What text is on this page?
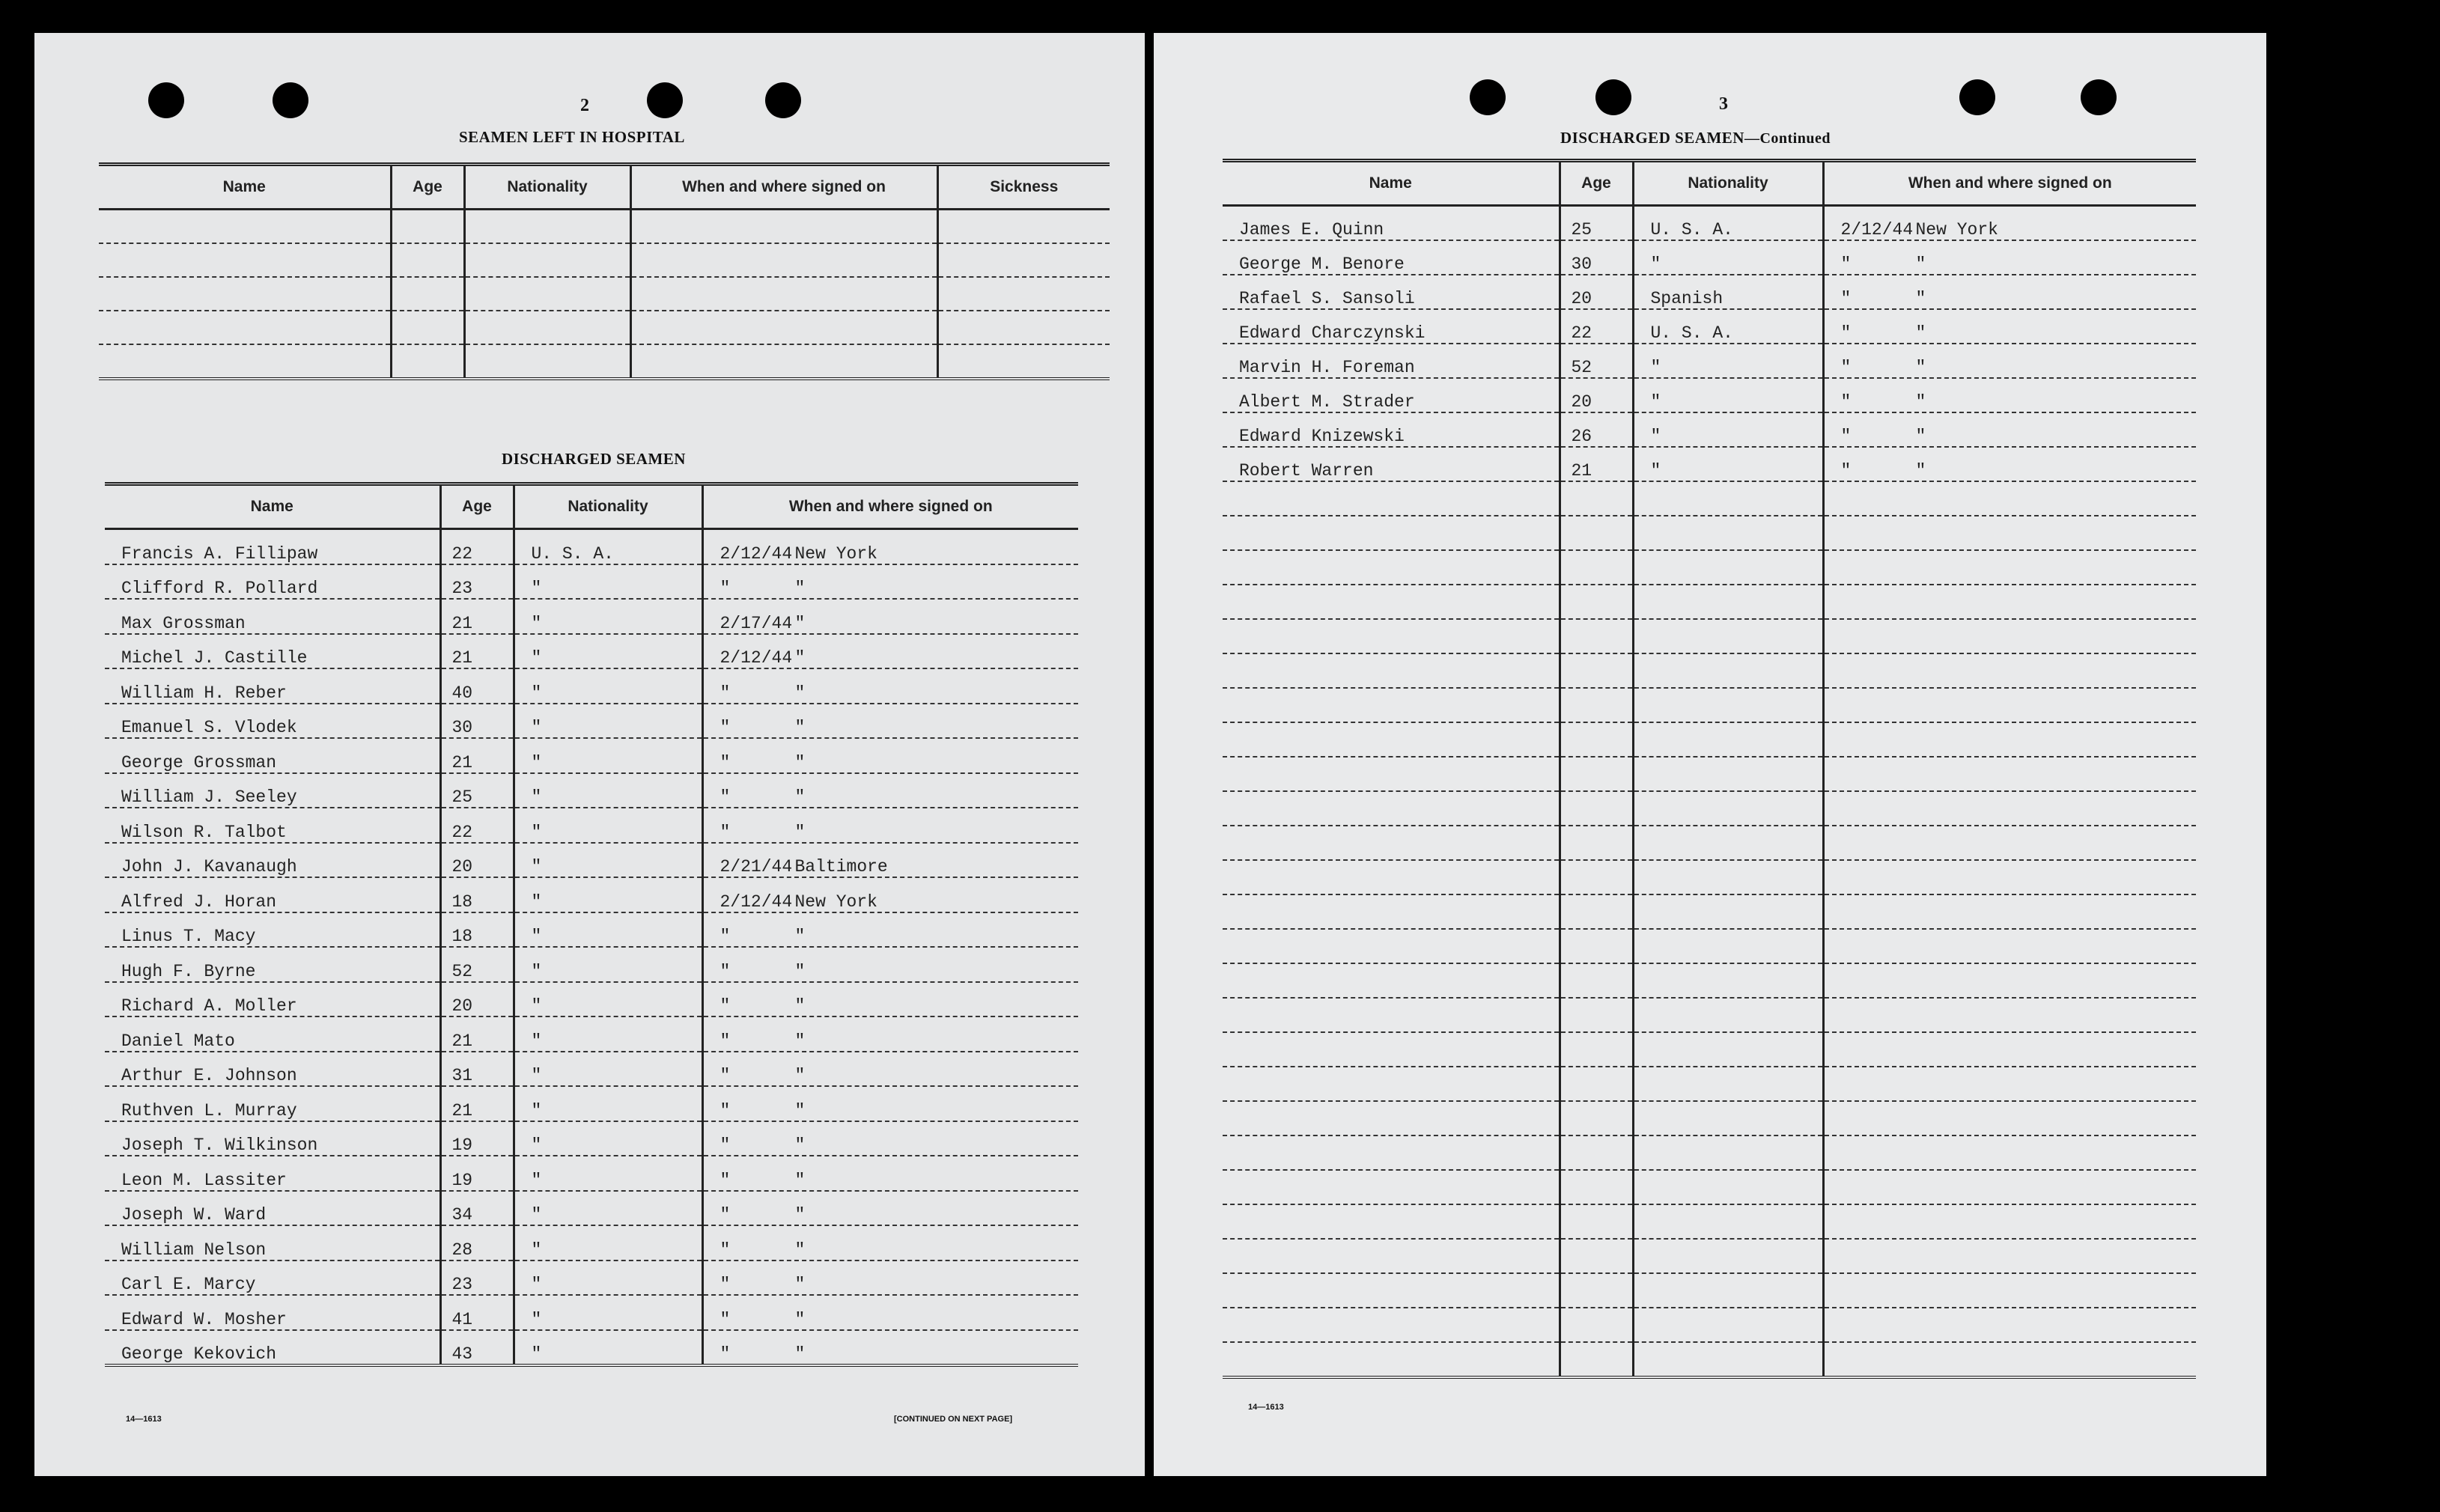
2
SEAMEN LEFT IN HOSPITAL
Name	Age	Nationality	When and where signed on	Sickness

DISCHARGED SEAMEN
Name	Age	Nationality	When and where signed on
Francis A. Fillipaw	22	U. S. A.	2/12/44 New York
Clifford R. Pollard	23	"	" "
Max Grossman	21	"	2/17/44 "
Michel J. Castille	21	"	2/12/44 "
William H. Reber	40	"	" "
Emanuel S. Vlodek	30	"	" "
George Grossman	21	"	" "
William J. Seeley	25	"	" "
Wilson R. Talbot	22	"	" "
John J. Kavanaugh	20	"	2/21/44 Baltimore
Alfred J. Horan	18	"	2/12/44 New York
Linus T. Macy	18	"	" "
Hugh F. Byrne	52	"	" "
Richard A. Moller	20	"	" "
Daniel Mato	21	"	" "
Arthur E. Johnson	31	"	" "
Ruthven L. Murray	21	"	" "
Joseph T. Wilkinson	19	"	" "
Leon M. Lassiter	19	"	" "
Joseph W. Ward	34	"	" "
William Nelson	28	"	" "
Carl E. Marcy	23	"	" "
Edward W. Mosher	41	"	" "
George Kekovich	43	"	" "
14—1613	[CONTINUED ON NEXT PAGE]
3
DISCHARGED SEAMEN—Continued
Name	Age	Nationality	When and where signed on
James E. Quinn	25	U. S. A.	2/12/44 New York
George M. Benore	30	"	" "
Rafael S. Sansoli	20	Spanish	" "
Edward Charczynski	22	U. S. A.	" "
Marvin H. Foreman	52	"	" "
Albert M. Strader	20	"	" "
Edward Knizewski	26	"	" "
Robert Warren	21	"	" "

14—1613
